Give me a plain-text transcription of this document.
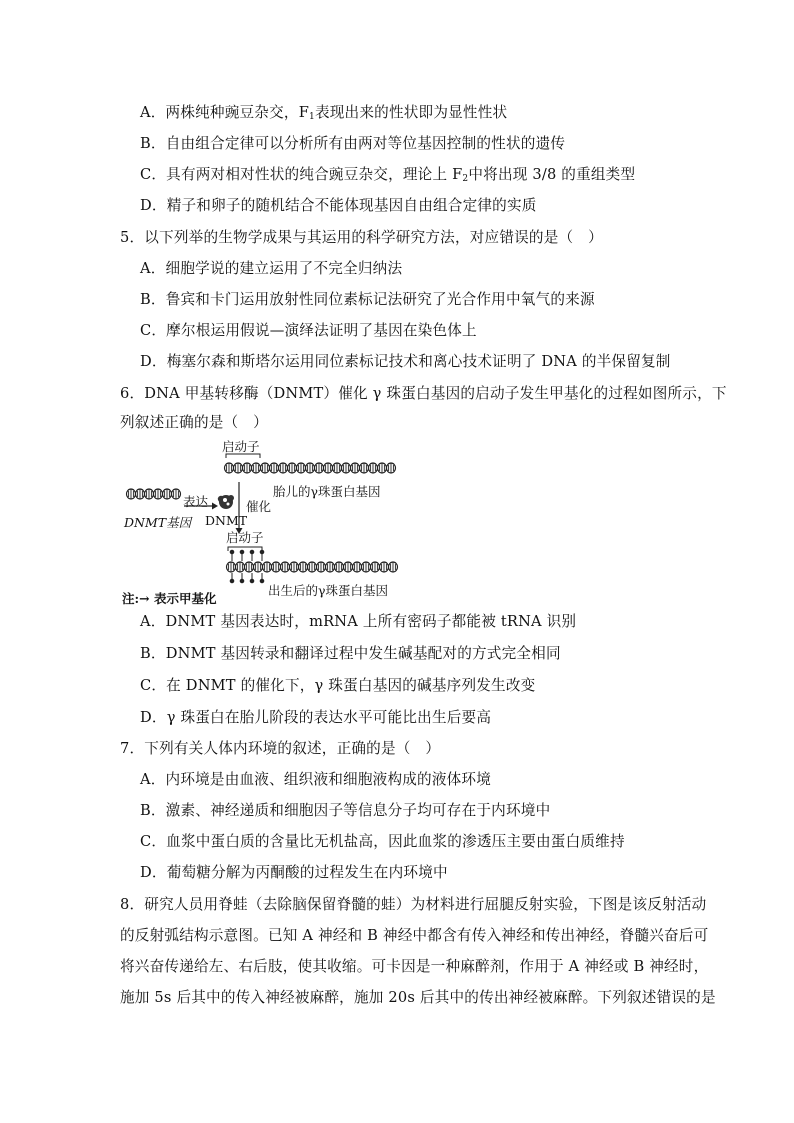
A．两株纯种豌豆杂交，$F_1$表现出来的性状即为显性性状
B．自由组合定律可以分析所有由两对等位基因控制的性状的遗传
C．具有两对相对性状的纯合豌豆杂交，理论上 $F_2$中将出现 3/8 的重组类型
D．精子和卵子的随机结合不能体现基因自由组合定律的实质
5．以下列举的生物学成果与其运用的科学研究方法，对应错误的是（　）
A．细胞学说的建立运用了不完全归纳法
B．鲁宾和卡门运用放射性同位素标记法研究了光合作用中氧气的来源
C．摩尔根运用假说—演绎法证明了基因在染色体上
D．梅塞尔森和斯塔尔运用同位素标记技术和离心技术证明了 DNA 的半保留复制
6．DNA 甲基转移酶（DNMT）催化 γ 珠蛋白基因的启动子发生甲基化的过程如图所示，下
列叙述正确的是（　）
启动子
胎儿的γ珠蛋白基因
表达
DNMT基因 DNMT
催化
启动子
出生后的γ珠蛋白基因
注:→ 表示甲基化
A．DNMT 基因表达时，mRNA 上所有密码子都能被 tRNA 识别
B．DNMT 基因转录和翻译过程中发生碱基配对的方式完全相同
C．在 DNMT 的催化下，γ 珠蛋白基因的碱基序列发生改变
D．γ 珠蛋白在胎儿阶段的表达水平可能比出生后要高
7．下列有关人体内环境的叙述，正确的是（　）
A．内环境是由血液、组织液和细胞液构成的液体环境
B．激素、神经递质和细胞因子等信息分子均可存在于内环境中
C．血浆中蛋白质的含量比无机盐高，因此血浆的渗透压主要由蛋白质维持
D．葡萄糖分解为丙酮酸的过程发生在内环境中
8．研究人员用脊蛙（去除脑保留脊髓的蛙）为材料进行屈腿反射实验，下图是该反射活动
的反射弧结构示意图。已知 A 神经和 B 神经中都含有传入神经和传出神经，脊髓兴奋后可
将兴奋传递给左、右后肢，使其收缩。可卡因是一种麻醉剂，作用于 A 神经或 B 神经时，
施加 5s 后其中的传入神经被麻醉，施加 20s 后其中的传出神经被麻醉。下列叙述错误的是
